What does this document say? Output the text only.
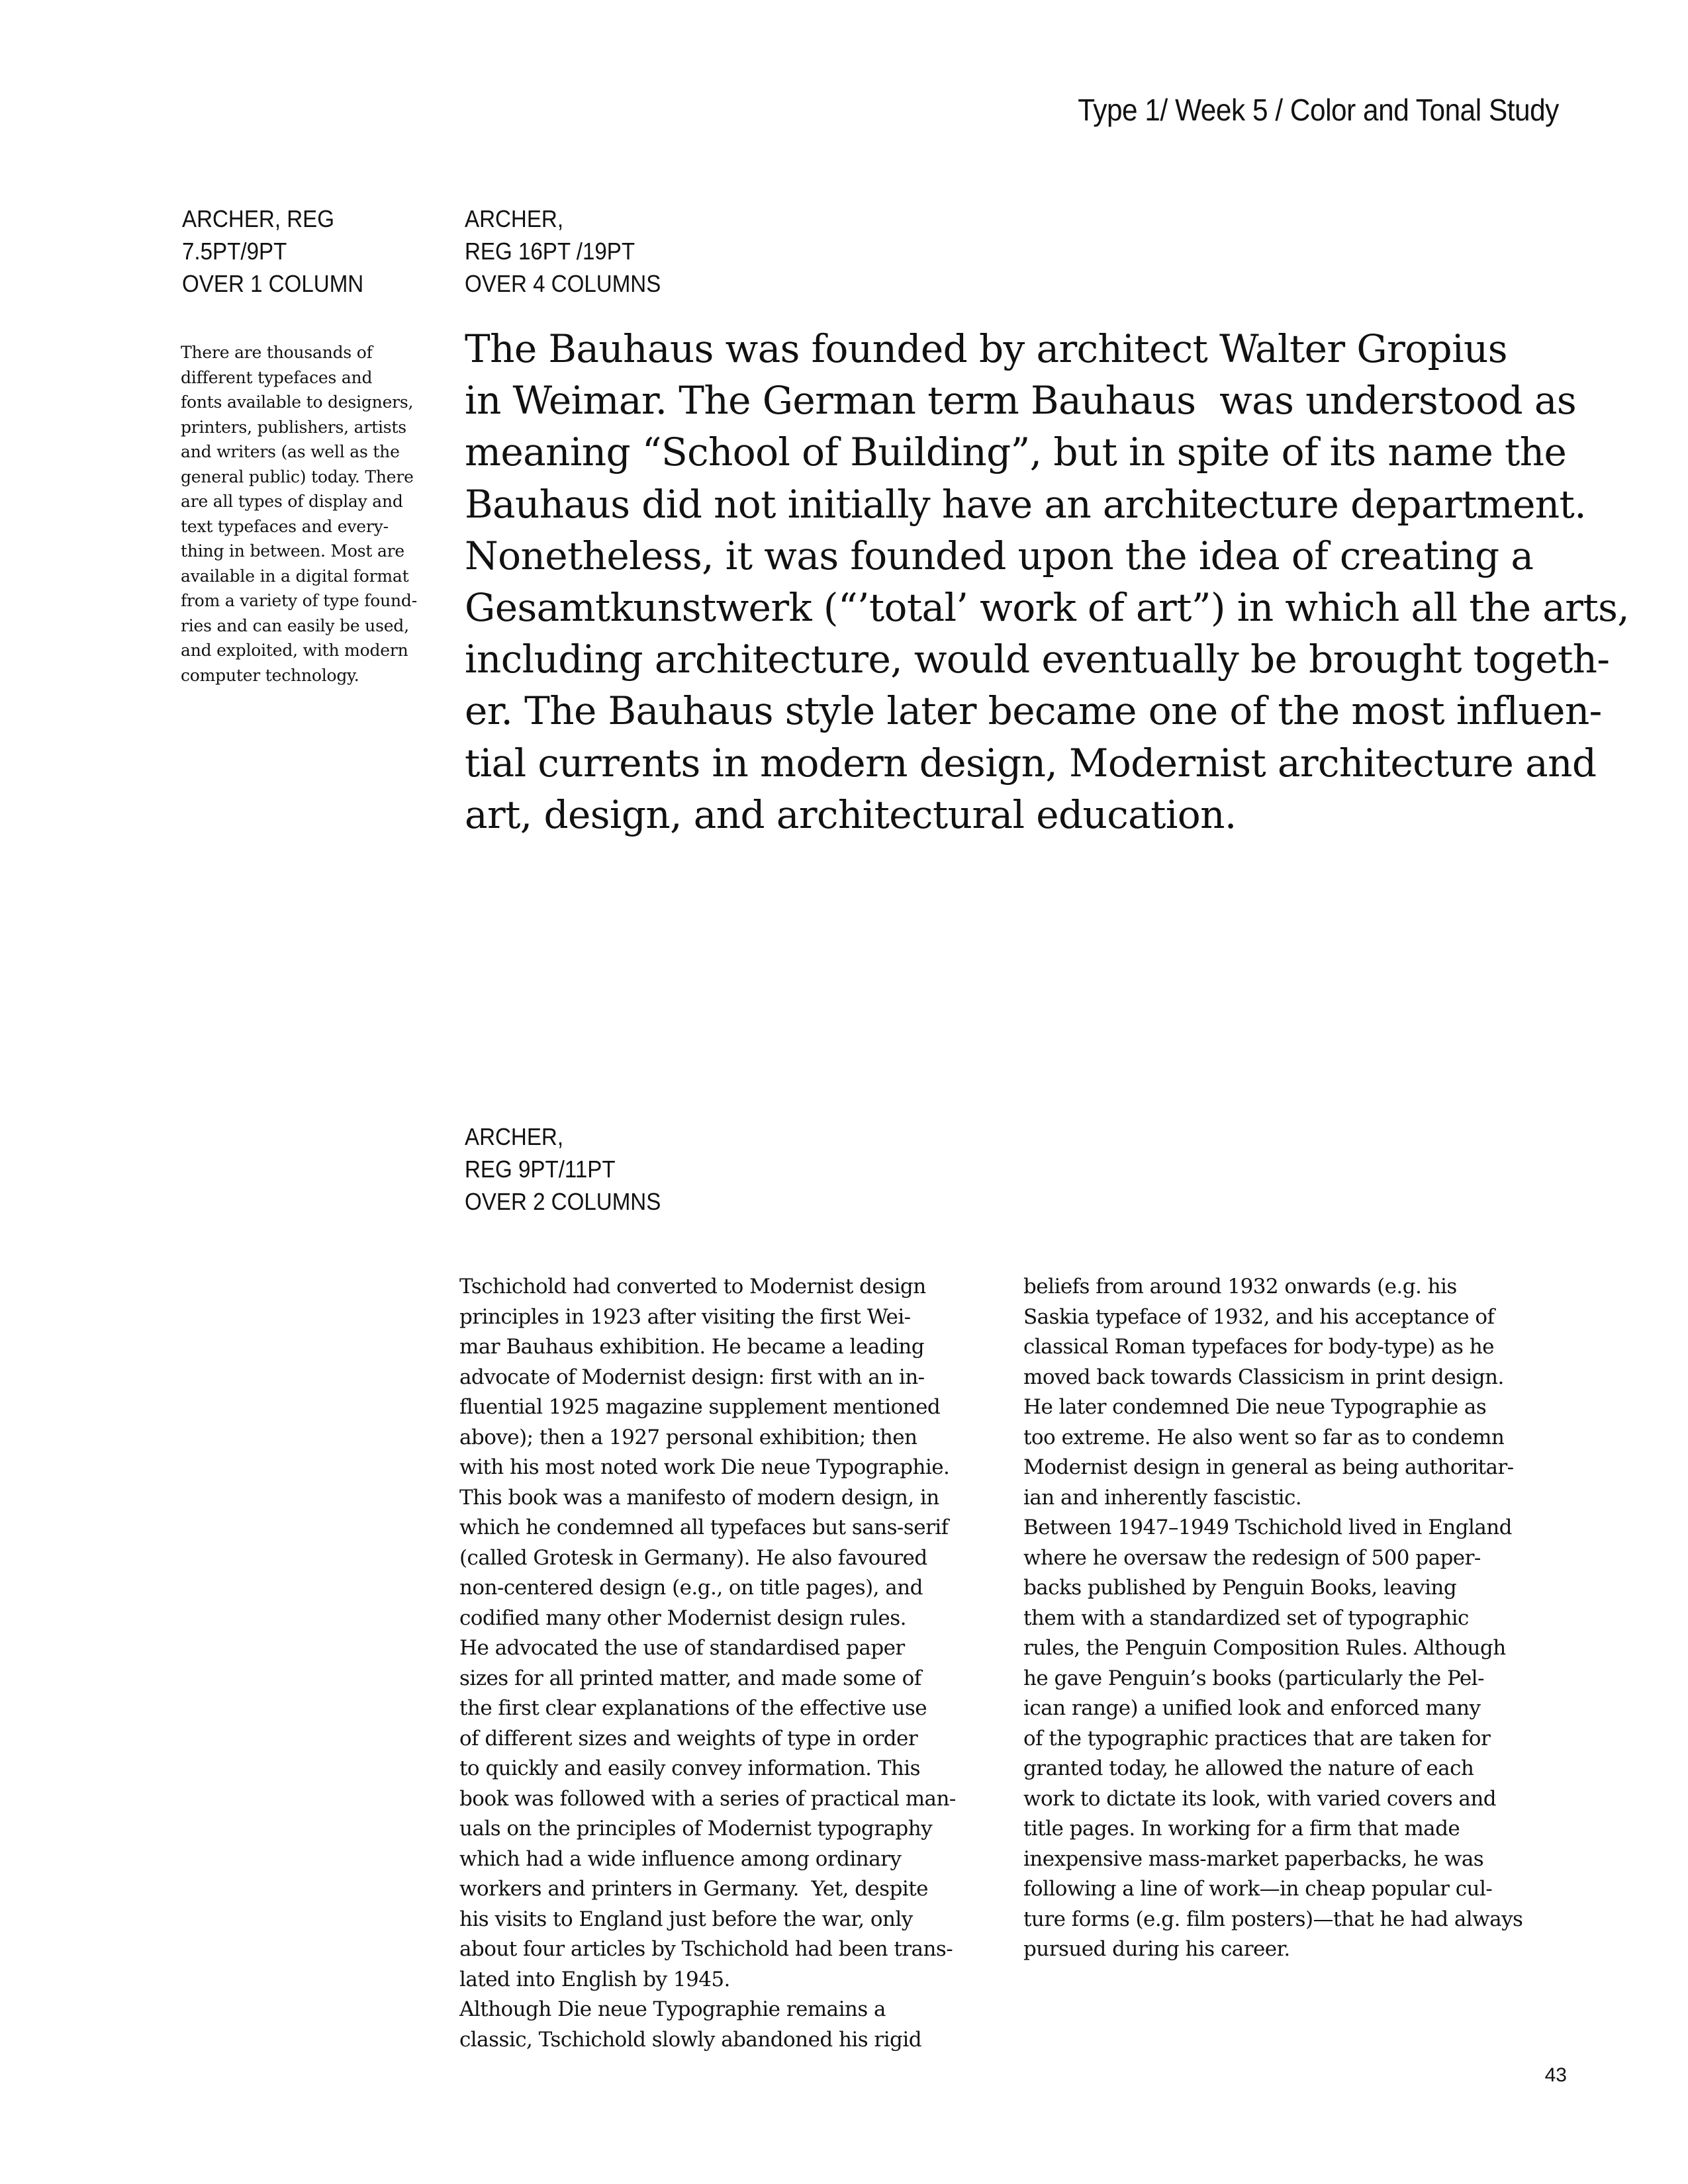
Type 1/ Week 5 / Color and Tonal Study
ARCHER, REG
7.5PT/9PT
OVER 1 COLUMN
ARCHER,
REG 16PT /19PT
OVER 4 COLUMNS
There are thousands of
different typefaces and
fonts available to designers,
printers, publishers, artists
and writers (as well as the
general public) today. There
are all types of display and
text typefaces and every-
thing in between. Most are
available in a digital format
from a variety of type found-
ries and can easily be used,
and exploited, with modern
computer technology.
The Bauhaus was founded by architect Walter Gropius
in Weimar. The German term Bauhaus  was understood as
meaning “School of Building”, but in spite of its name the
Bauhaus did not initially have an architecture department.
Nonetheless, it was founded upon the idea of creating a
Gesamtkunstwerk (“’total’ work of art”) in which all the arts,
including architecture, would eventually be brought togeth-
er. The Bauhaus style later became one of the most influen-
tial currents in modern design, Modernist architecture and
art, design, and architectural education.
ARCHER,
REG 9PT/11PT
OVER 2 COLUMNS
Tschichold had converted to Modernist design
principles in 1923 after visiting the first Wei-
mar Bauhaus exhibition. He became a leading
advocate of Modernist design: first with an in-
fluential 1925 magazine supplement mentioned
above); then a 1927 personal exhibition; then
with his most noted work Die neue Typographie.
This book was a manifesto of modern design, in
which he condemned all typefaces but sans-serif
(called Grotesk in Germany). He also favoured
non-centered design (e.g., on title pages), and
codified many other Modernist design rules.
He advocated the use of standardised paper
sizes for all printed matter, and made some of
the first clear explanations of the effective use
of different sizes and weights of type in order
to quickly and easily convey information. This
book was followed with a series of practical man-
uals on the principles of Modernist typography
which had a wide influence among ordinary
workers and printers in Germany.  Yet, despite
his visits to England just before the war, only
about four articles by Tschichold had been trans-
lated into English by 1945.
Although Die neue Typographie remains a
classic, Tschichold slowly abandoned his rigid
beliefs from around 1932 onwards (e.g. his
Saskia typeface of 1932, and his acceptance of
classical Roman typefaces for body-type) as he
moved back towards Classicism in print design.
He later condemned Die neue Typographie as
too extreme. He also went so far as to condemn
Modernist design in general as being authoritar-
ian and inherently fascistic.
Between 1947–1949 Tschichold lived in England
where he oversaw the redesign of 500 paper-
backs published by Penguin Books, leaving
them with a standardized set of typographic
rules, the Penguin Composition Rules. Although
he gave Penguin’s books (particularly the Pel-
ican range) a unified look and enforced many
of the typographic practices that are taken for
granted today, he allowed the nature of each
work to dictate its look, with varied covers and
title pages. In working for a firm that made
inexpensive mass-market paperbacks, he was
following a line of work—in cheap popular cul-
ture forms (e.g. film posters)—that he had always
pursued during his career.
43
